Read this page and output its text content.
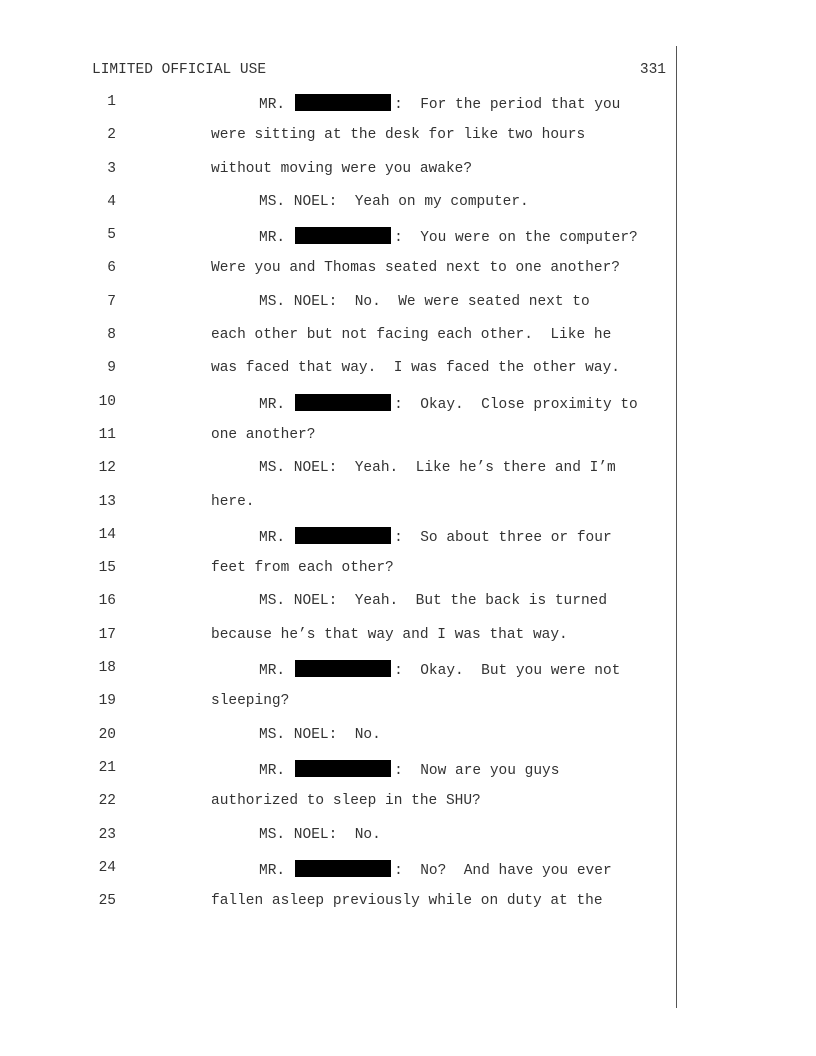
LIMITED OFFICIAL USE	331

1

	MR.	:  For the period that you

2

	were sitting at the desk for like two hours

3

	without moving were you awake?

4

	MS. NOEL:  Yeah on my computer.

5

	MR.	:  You were on the computer?

6

	Were you and Thomas seated next to one another?

7

	MS. NOEL:  No.  We were seated next to

8

	each other but not facing each other.  Like he

9

	was faced that way.  I was faced the other way.

10

	MR.	:  Okay.  Close proximity to

11

	one another?

12

	MS. NOEL:  Yeah.  Like he’s there and I’m

13

	here.

14

	MR.	:  So about three or four

15

	feet from each other?

16

	MS. NOEL:  Yeah.  But the back is turned

17

	because he’s that way and I was that way.

18

	MR.	:  Okay.  But you were not

19

	sleeping?

20

	MS. NOEL:  No.

21

	MR.	:  Now are you guys

22

	authorized to sleep in the SHU?

23

	MS. NOEL:  No.

24

	MR.	:  No?  And have you ever

25

	fallen asleep previously while on duty at the
